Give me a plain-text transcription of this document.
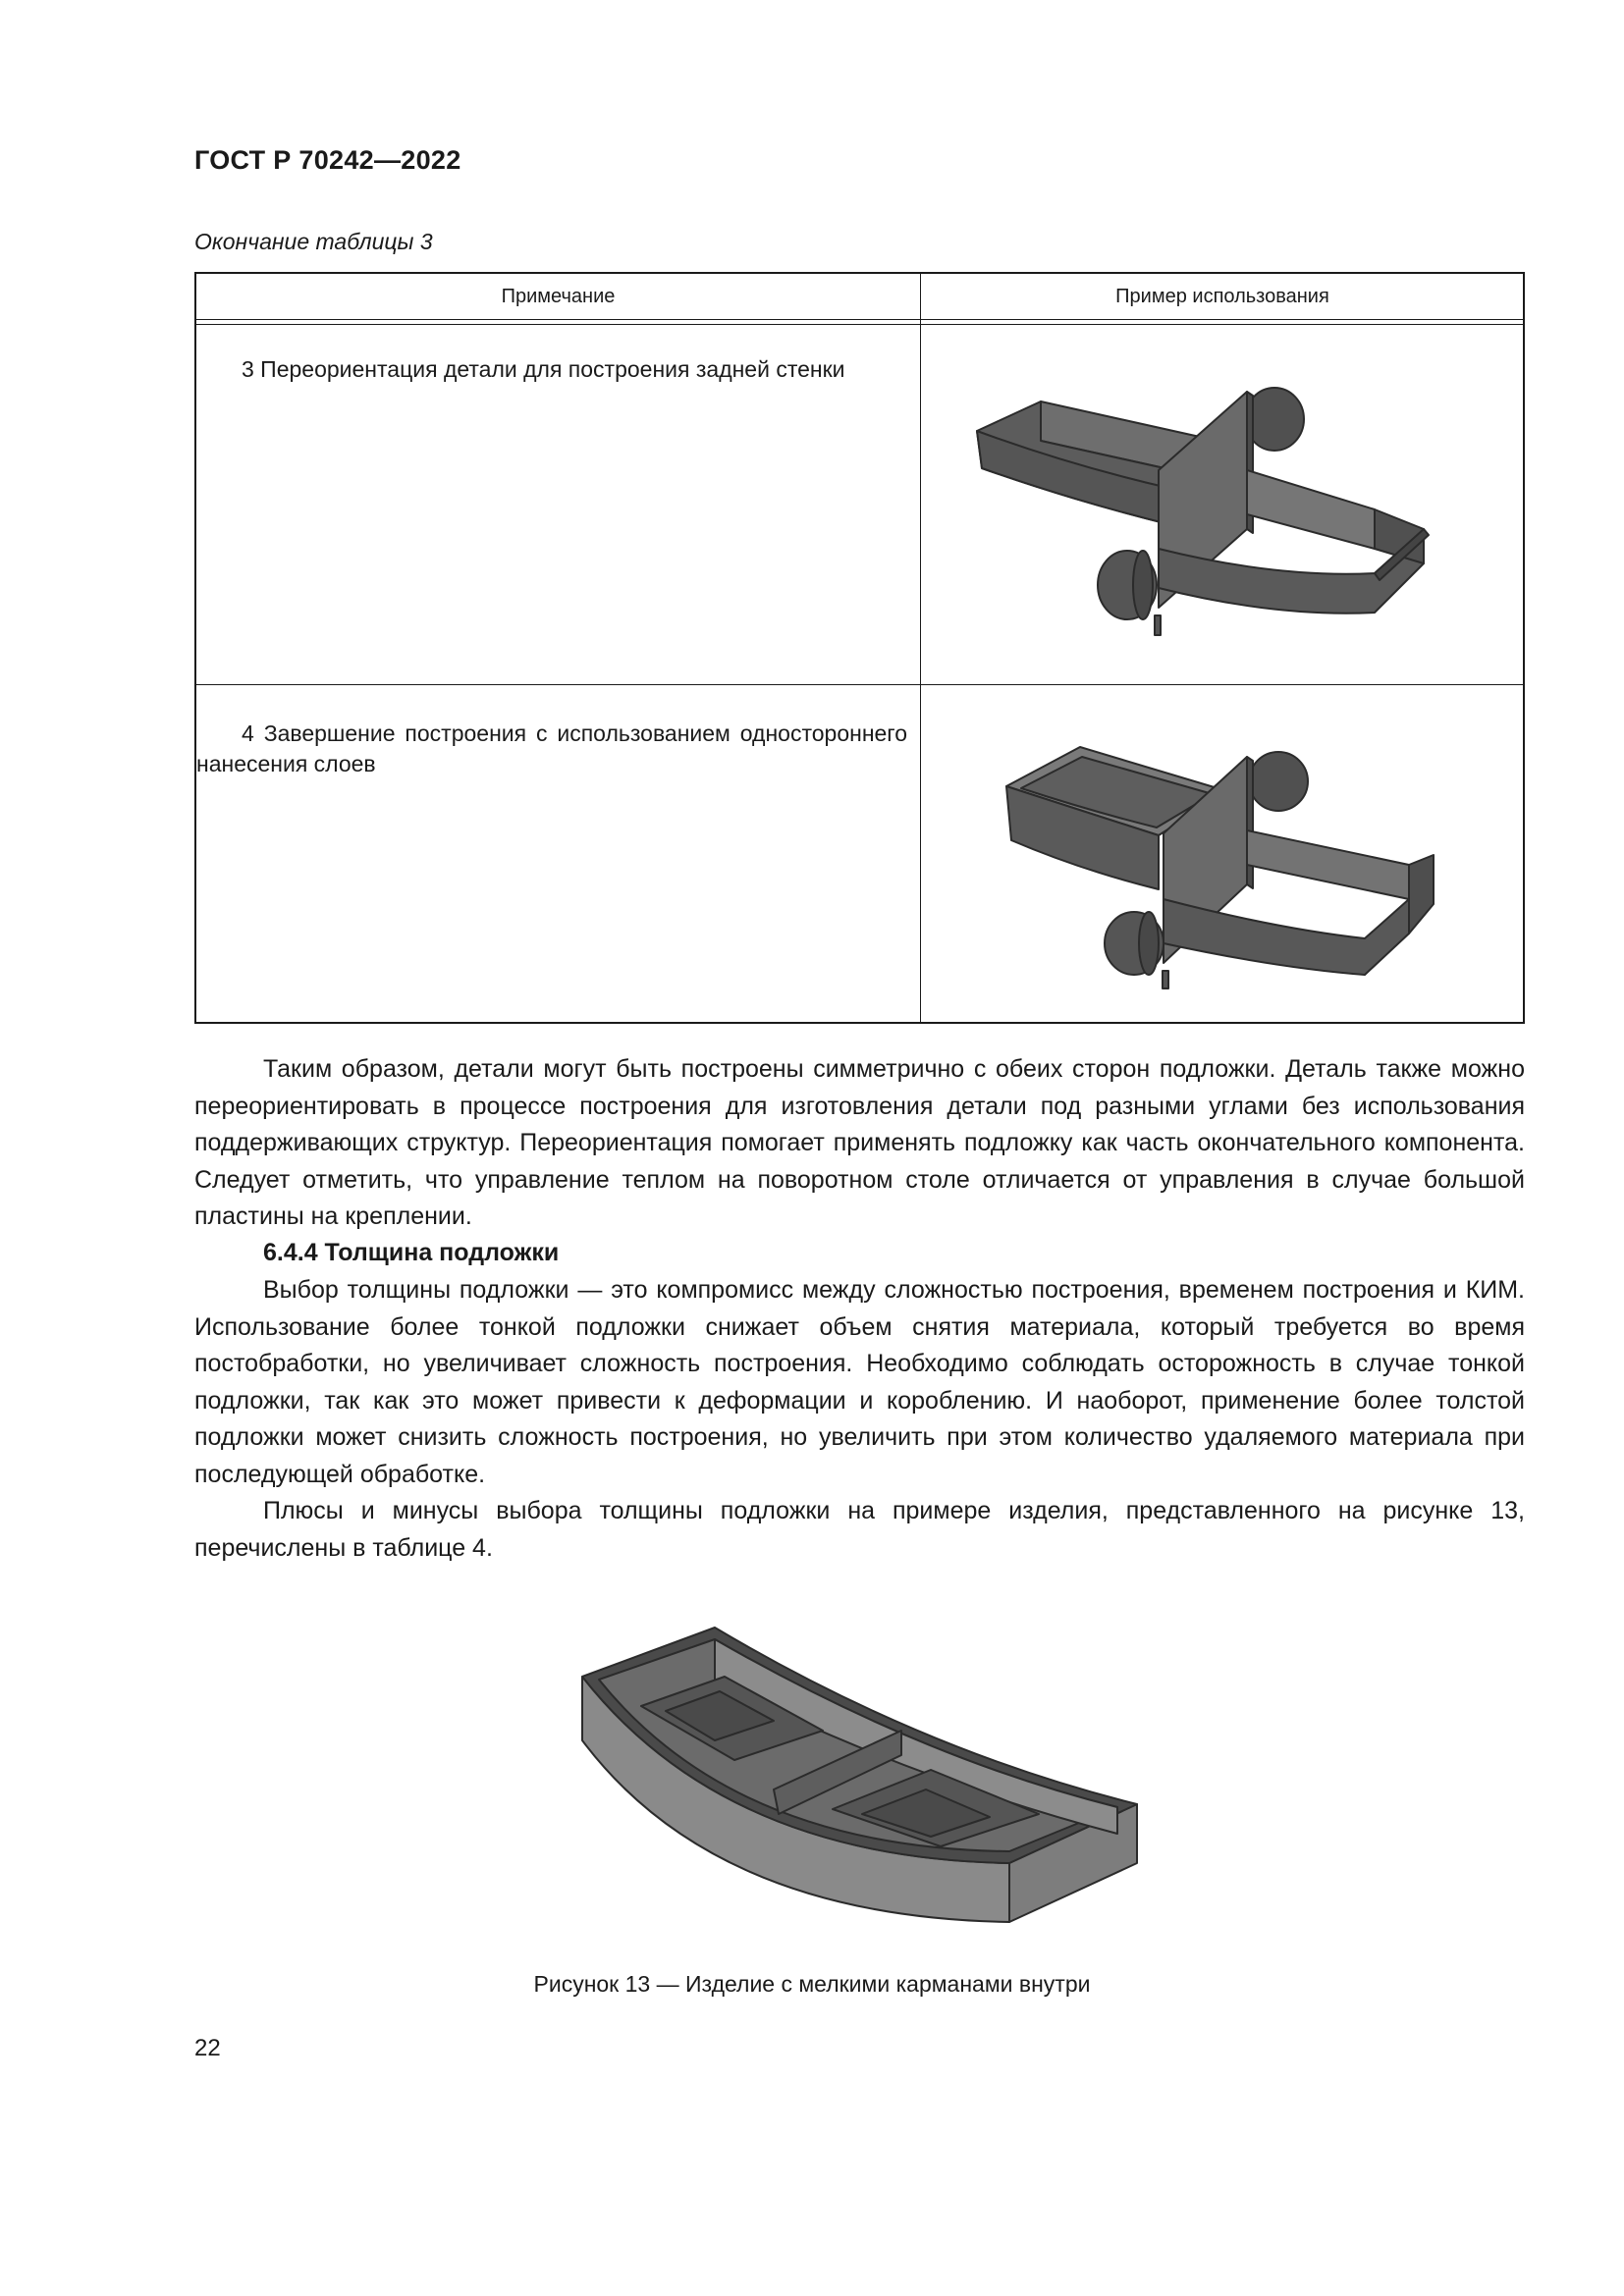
ГОСТ Р 70242—2022
Окончание таблицы 3
Примечание	Пример использования

3 Переориентация детали для построения задней стенки

4 Завершение построения с использованием одностороннего нанесения слоев

Таким образом, детали могут быть построены симметрично с обеих сторон подложки. Деталь также можно переориентировать в процессе построения для изготовления детали под разными углами без использования поддерживающих структур. Переориентация помогает применять подложку как часть окончательного компонента. Следует отметить, что управление теплом на поворотном столе отличается от управления в случае большой пластины на креплении.

6.4.4 Толщина подложки

Выбор толщины подложки — это компромисс между сложностью построения, временем построения и КИМ. Использование более тонкой подложки снижает объем снятия материала, который требуется во время постобработки, но увеличивает сложность построения. Необходимо соблюдать осторожность в случае тонкой подложки, так как это может привести к деформации и короблению. И наоборот, применение более толстой подложки может снизить сложность построения, но увеличить при этом количество удаляемого материала при последующей обработке.

Плюсы и минусы выбора толщины подложки на примере изделия, представленного на рисунке 13, перечислены в таблице 4.

Рисунок 13 — Изделие с мелкими карманами внутри
22
